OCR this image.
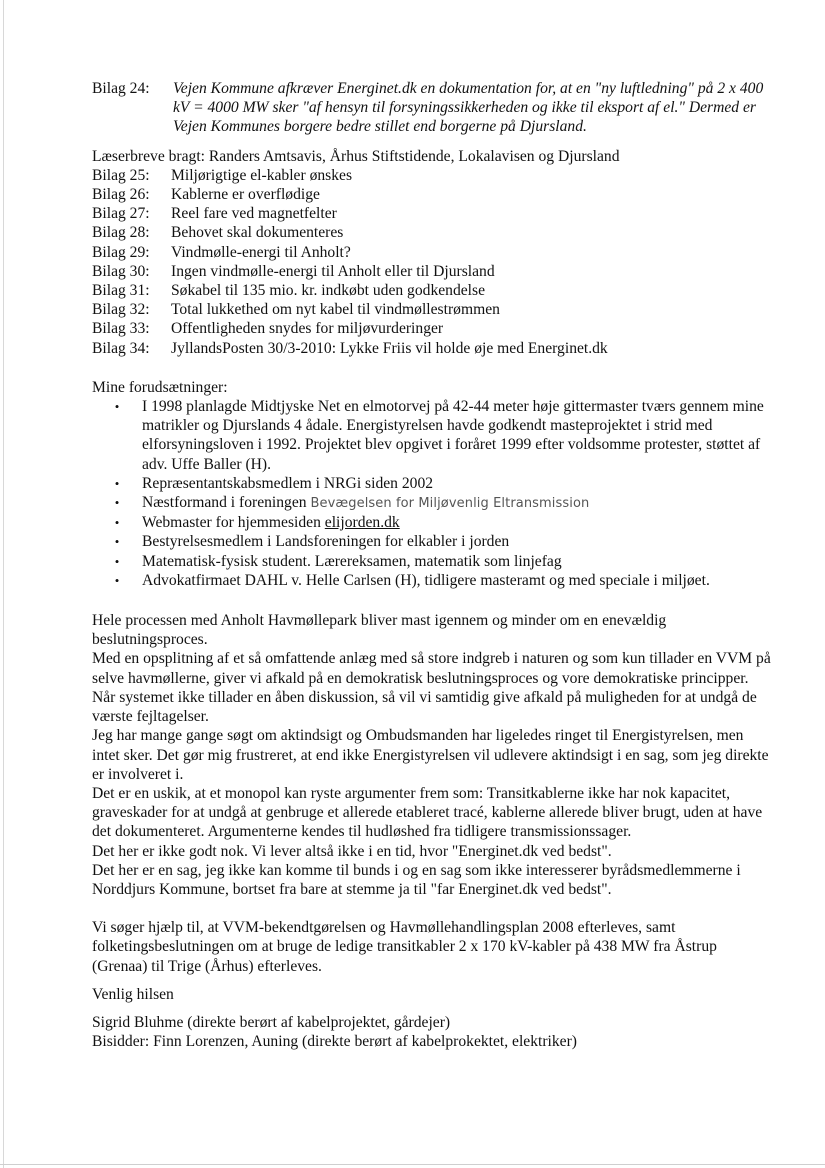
Bilag 24:	Vejen Kommune afkræver Energinet.dk en dokumentation for, at en "ny luftledning" på 2 x 400 kV = 4000 MW sker "af hensyn til forsyningssikkerheden og ikke til eksport af el." Dermed er Vejen Kommunes borgere bedre stillet end borgerne på Djursland.
Læserbreve bragt: Randers Amtsavis, Århus Stiftstidende, Lokalavisen og Djursland
Bilag 25:	Miljørigtige el-kabler ønskes
Bilag 26:	Kablerne er overflødige
Bilag 27:	Reel fare ved magnetfelter
Bilag 28:	Behovet skal dokumenteres
Bilag 29:	Vindmølle-energi til Anholt?
Bilag 30:	Ingen vindmølle-energi til Anholt eller til Djursland
Bilag 31:	Søkabel til 135 mio. kr. indkøbt uden godkendelse
Bilag 32:	Total lukkethed om nyt kabel til vindmøllestrømmen
Bilag 33:	Offentligheden snydes for miljøvurderinger
Bilag 34:	JyllandsPosten 30/3-2010: Lykke Friis vil holde øje med Energinet.dk
Mine forudsætninger:
•	I 1998 planlagde Midtjyske Net en elmotorvej på 42-44 meter høje gittermaster tværs gennem mine matrikler og Djurslands 4 ådale. Energistyrelsen havde godkendt masteprojektet i strid med elforsyningsloven i 1992. Projektet blev opgivet i foråret 1999 efter voldsomme protester, støttet af adv. Uffe Baller (H).
•	Repræsentantskabsmedlem i NRGi siden 2002
•	Næstformand i foreningen Bevægelsen for Miljøvenlig Eltransmission
•	Webmaster for hjemmesiden elijorden.dk
•	Bestyrelsesmedlem i Landsforeningen for elkabler i jorden
•	Matematisk-fysisk student. Lærereksamen, matematik som linjefag
•	Advokatfirmaet DAHL v. Helle Carlsen (H), tidligere masteramt og med speciale i miljøet.

Hele processen med Anholt Havmøllepark bliver mast igennem og minder om en enevældig beslutningsproces.

Med en opsplitning af et så omfattende anlæg med så store indgreb i naturen og som kun tillader en VVM på selve havmøllerne, giver vi afkald på en demokratisk beslutningsproces og vore demokratiske principper. Når systemet ikke tillader en åben diskussion, så vil vi samtidig give afkald på muligheden for at undgå de værste fejltagelser.

Jeg har mange gange søgt om aktindsigt og Ombudsmanden har ligeledes ringet til Energistyrelsen, men intet sker. Det gør mig frustreret, at end ikke Energistyrelsen vil udlevere aktindsigt i en sag, som jeg direkte er involveret i.

Det er en uskik, at et monopol kan ryste argumenter frem som: Transitkablerne ikke har nok kapacitet, graveskader for at undgå at genbruge et allerede etableret tracé, kablerne allerede bliver brugt, uden at have det dokumenteret. Argumenterne kendes til hudløshed fra tidligere transmissionssager.

Det her er ikke godt nok. Vi lever altså ikke i en tid, hvor "Energinet.dk ved bedst".

Det her er en sag, jeg ikke kan komme til bunds i og en sag som ikke interesserer byrådsmedlemmerne i Norddjurs Kommune, bortset fra bare at stemme ja til "far Energinet.dk ved bedst".

Vi søger hjælp til, at VVM-bekendtgørelsen og Havmøllehandlingsplan 2008 efterleves, samt folketingsbeslutningen om at bruge de ledige transitkabler 2 x 170 kV-kabler på 438 MW fra Åstrup (Grenaa) til Trige (Århus) efterleves.

Venlig hilsen

Sigrid Bluhme (direkte berørt af kabelprojektet, gårdejer)

Bisidder: Finn Lorenzen, Auning (direkte berørt af kabelprokektet, elektriker)
